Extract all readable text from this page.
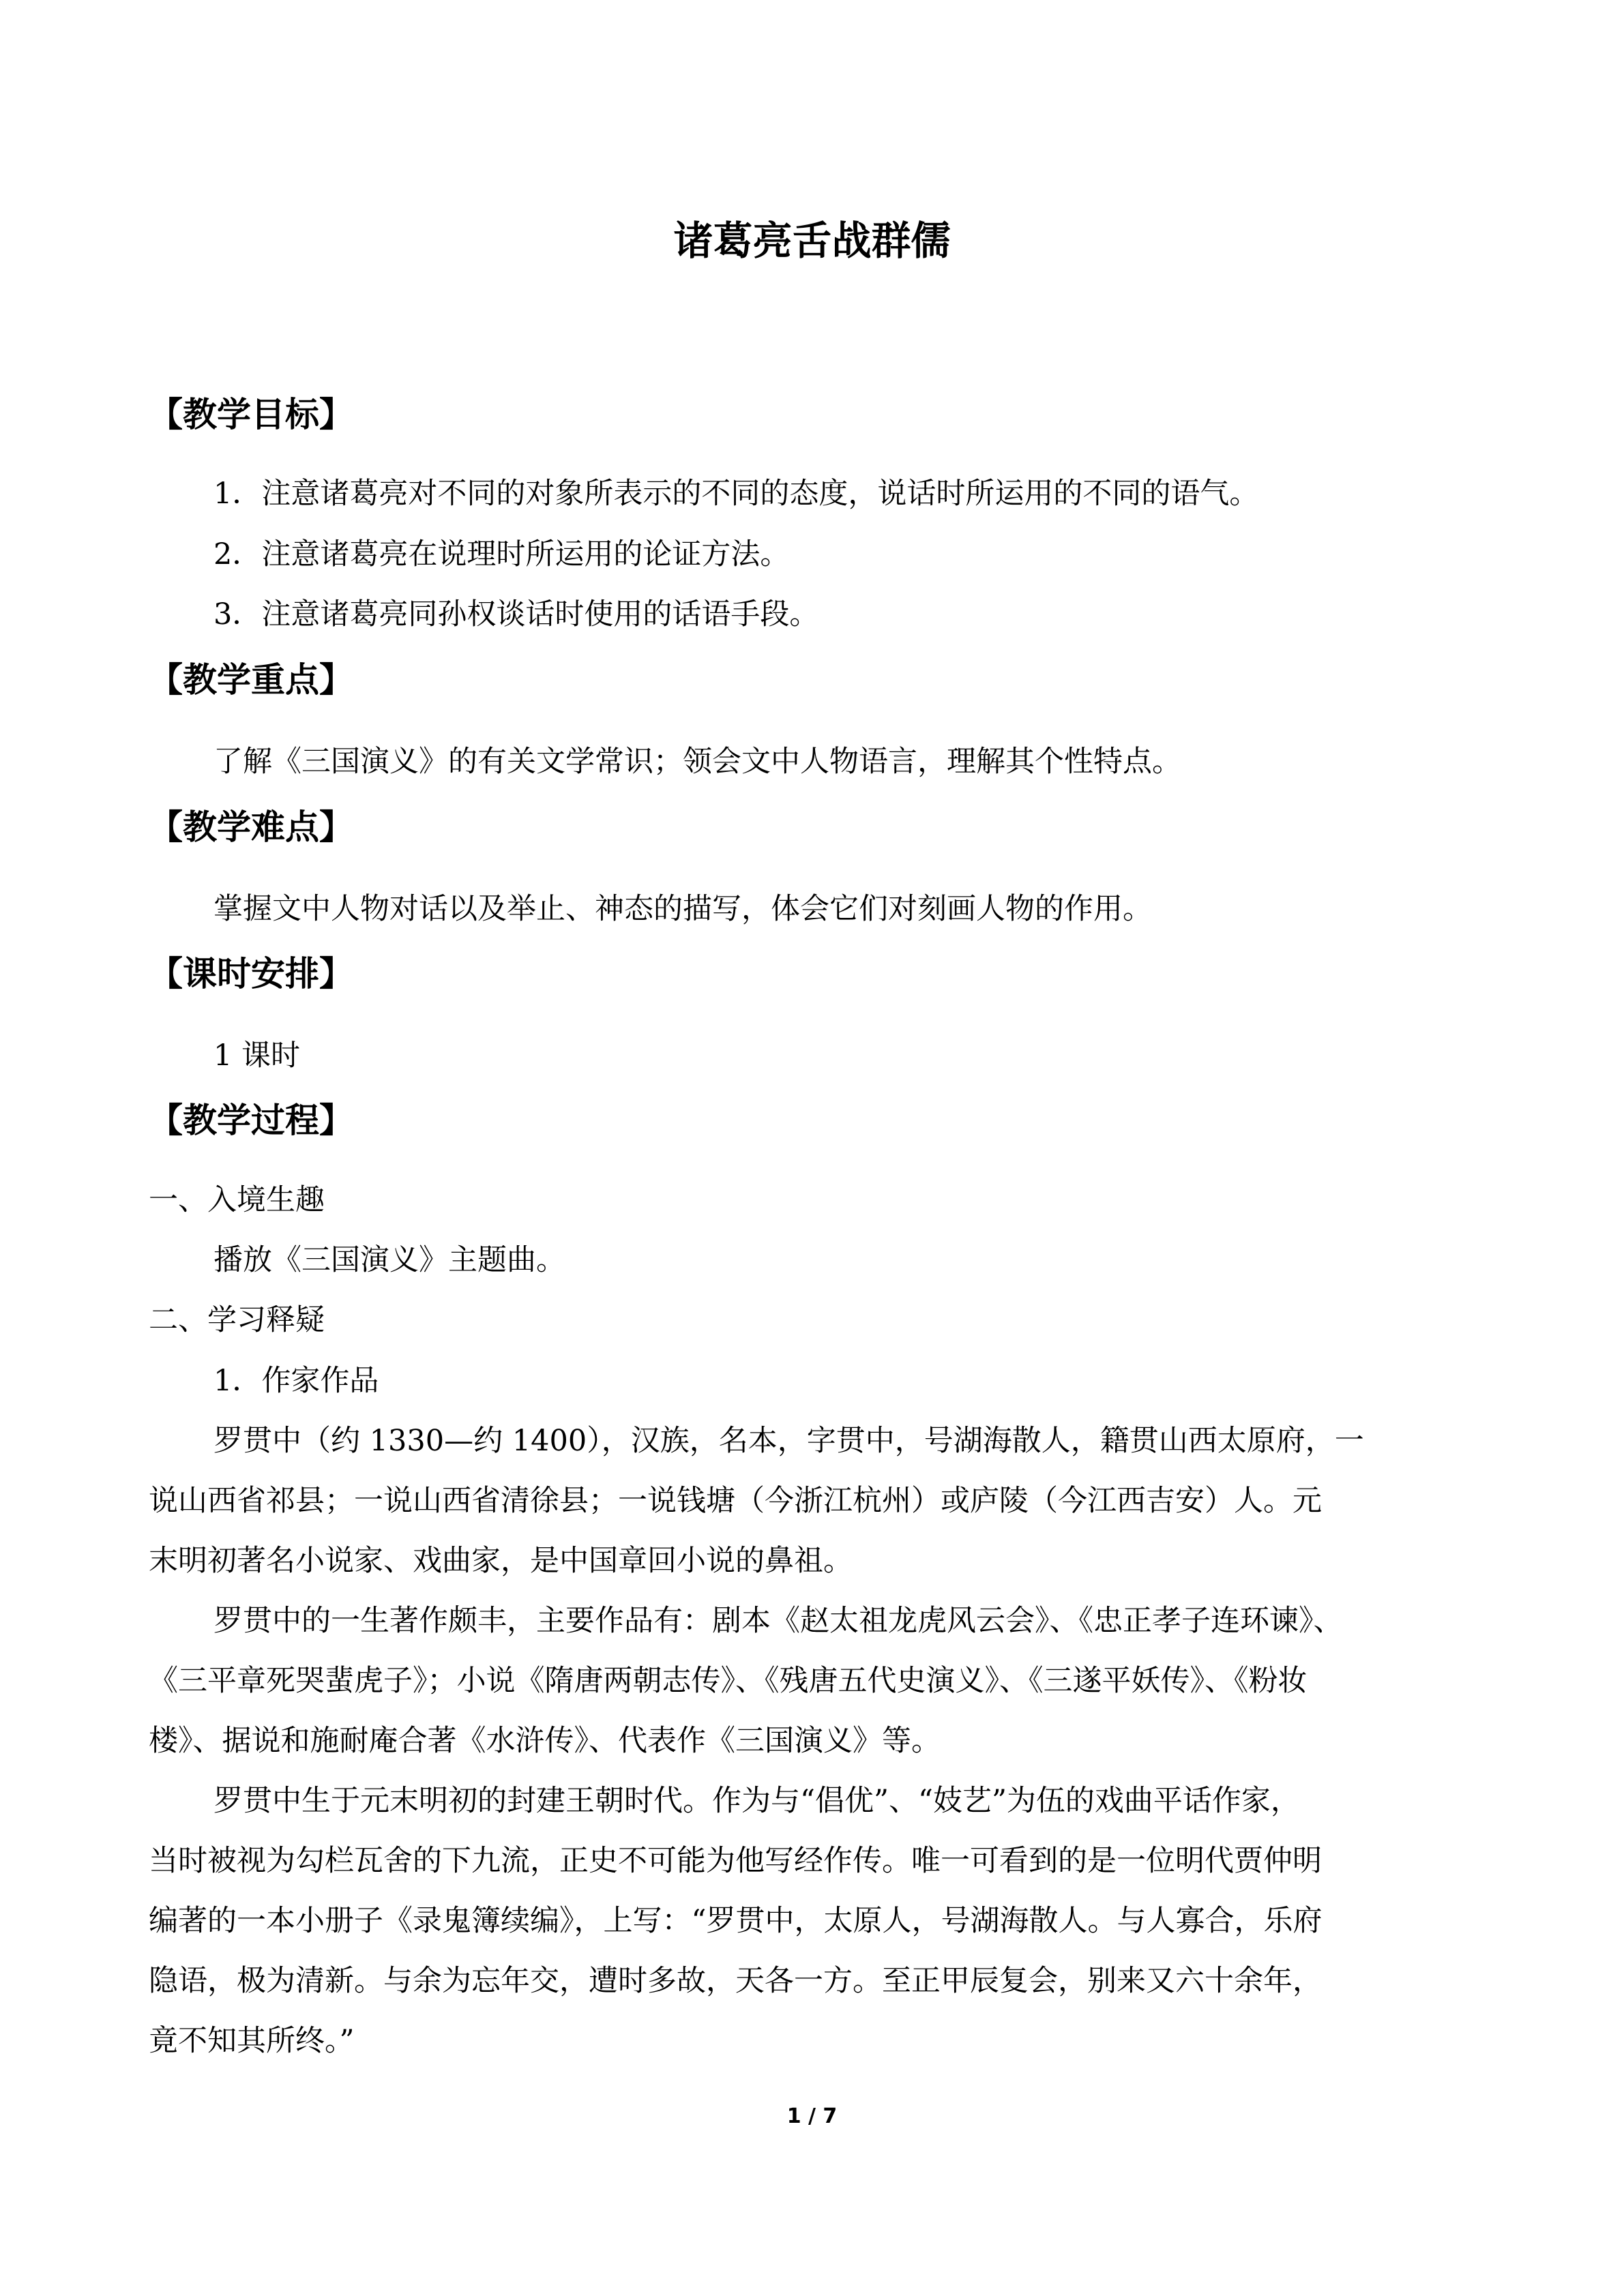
诸葛亮舌战群儒
【教学目标】
1．注意诸葛亮对不同的对象所表示的不同的态度，说话时所运用的不同的语气。
2．注意诸葛亮在说理时所运用的论证方法。
3．注意诸葛亮同孙权谈话时使用的话语手段。
【教学重点】
了解《三国演义》的有关文学常识；领会文中人物语言，理解其个性特点。
【教学难点】
掌握文中人物对话以及举止、神态的描写，体会它们对刻画人物的作用。
【课时安排】
1 课时
【教学过程】
一、入境生趣
播放《三国演义》主题曲。
二、学习释疑
1．作家作品
罗贯中（约 1330—约 1400），汉族，名本，字贯中，号湖海散人，籍贯山西太原府，一
说山西省祁县；一说山西省清徐县；一说钱塘（今浙江杭州）或庐陵（今江西吉安）人。元
末明初著名小说家、戏曲家，是中国章回小说的鼻祖。
罗贯中的一生著作颇丰，主要作品有：剧本《赵太祖龙虎风云会》、《忠正孝子连环谏》、
《三平章死哭蜚虎子》；小说《隋唐两朝志传》、《残唐五代史演义》、《三遂平妖传》、《粉妆
楼》、据说和施耐庵合著《水浒传》、代表作《三国演义》等。
罗贯中生于元末明初的封建王朝时代。作为与“倡优”、“妓艺”为伍的戏曲平话作家，
当时被视为勾栏瓦舍的下九流，正史不可能为他写经作传。唯一可看到的是一位明代贾仲明
编著的一本小册子《录鬼簿续编》，上写：“罗贯中，太原人，号湖海散人。与人寡合，乐府
隐语，极为清新。与余为忘年交，遭时多故，天各一方。至正甲辰复会，别来又六十余年，
竟不知其所终。”
1 / 7
